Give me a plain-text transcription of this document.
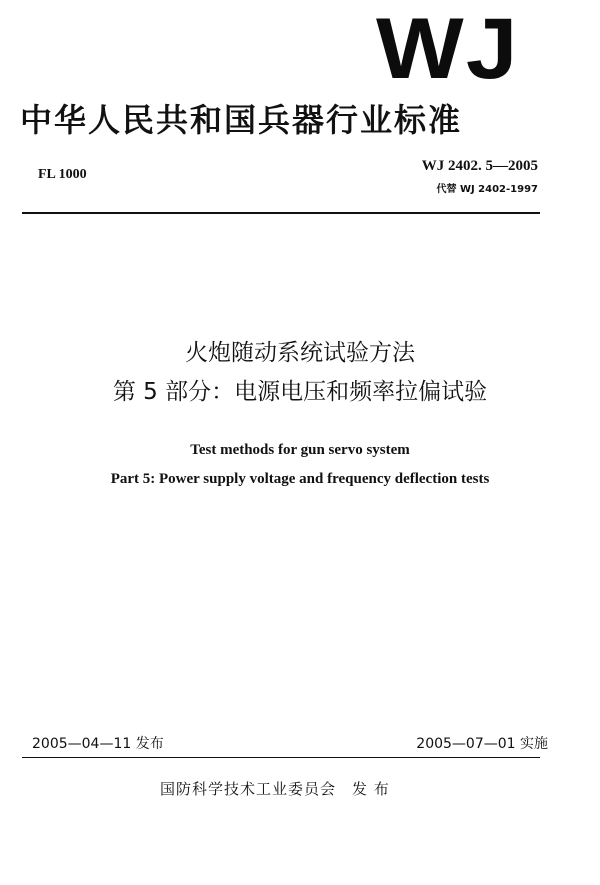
WJ
中华人民共和国兵器行业标准
FL 1000
WJ 2402. 5—2005
代替 WJ 2402-1997
火炮随动系统试验方法
第 5 部分：电源电压和频率拉偏试验
Test methods for gun servo system
Part 5: Power supply voltage and frequency deflection tests
2005—04—11 发布	2005—07—01 实施
国防科学技术工业委员会　发 布
